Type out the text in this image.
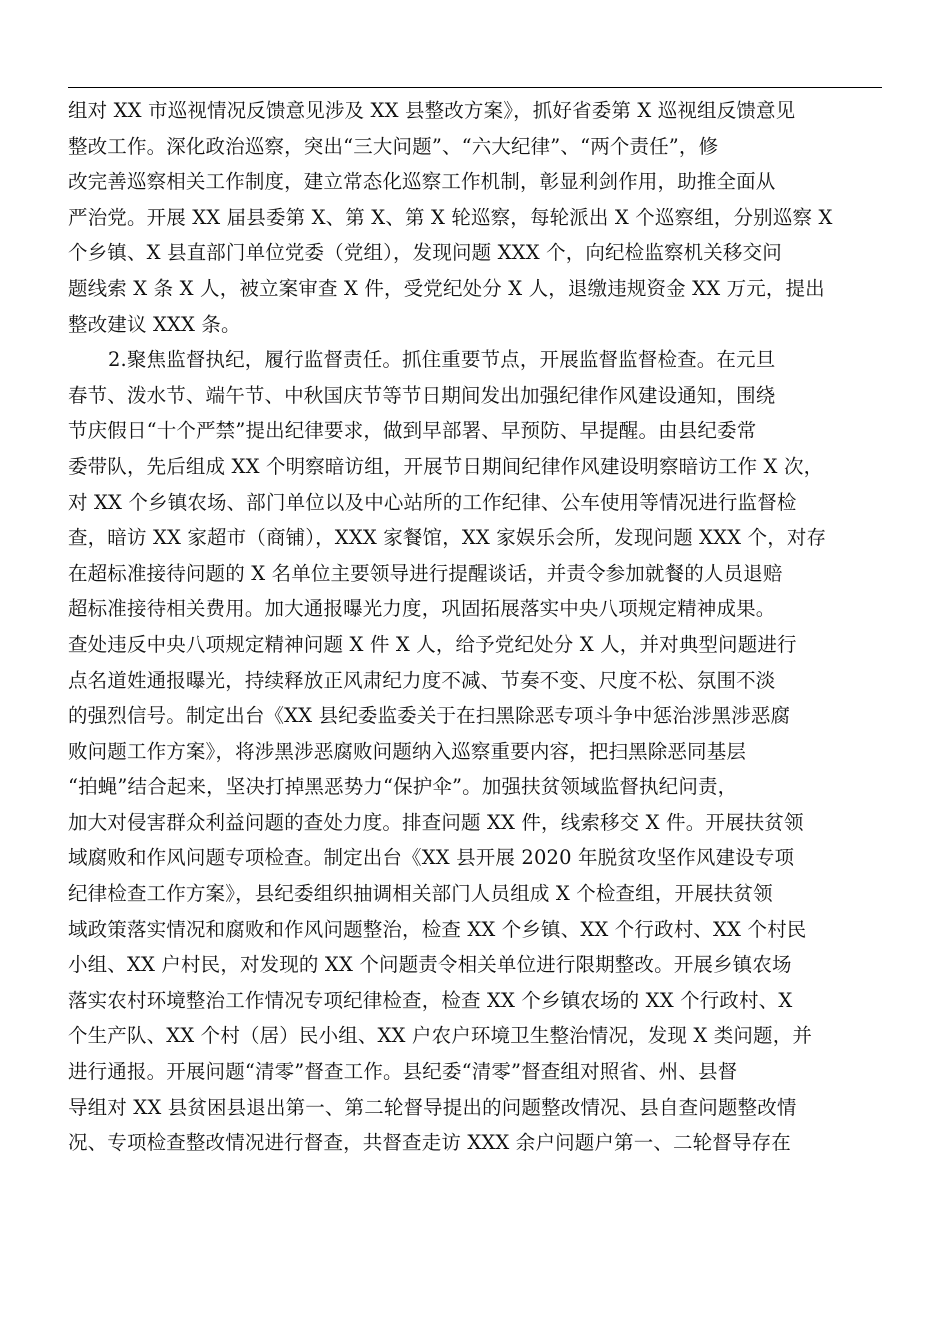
组对 XX 市巡视情况反馈意见涉及 XX 县整改方案》，抓好省委第 X 巡视组反馈意见
整改工作。深化政治巡察，突出“三大问题”、“六大纪律”、“两个责任”，修
改完善巡察相关工作制度，建立常态化巡察工作机制，彰显利剑作用，助推全面从
严治党。开展 XX 届县委第 X、第 X、第 X 轮巡察，每轮派出 X 个巡察组，分别巡察 X
个乡镇、X 县直部门单位党委（党组），发现问题 XXX 个，向纪检监察机关移交问
题线索 X 条 X 人，被立案审查 X 件，受党纪处分 X 人，退缴违规资金 XX 万元，提出
整改建议 XXX 条。
2.聚焦监督执纪，履行监督责任。抓住重要节点，开展监督监督检查。在元旦
春节、泼水节、端午节、中秋国庆节等节日期间发出加强纪律作风建设通知，围绕
节庆假日“十个严禁”提出纪律要求，做到早部署、早预防、早提醒。由县纪委常
委带队，先后组成 XX 个明察暗访组，开展节日期间纪律作风建设明察暗访工作 X 次，
对 XX 个乡镇农场、部门单位以及中心站所的工作纪律、公车使用等情况进行监督检
查，暗访 XX 家超市（商铺），XXX 家餐馆，XX 家娱乐会所，发现问题 XXX 个，对存
在超标准接待问题的 X 名单位主要领导进行提醒谈话，并责令参加就餐的人员退赔
超标准接待相关费用。加大通报曝光力度，巩固拓展落实中央八项规定精神成果。
查处违反中央八项规定精神问题 X 件 X 人，给予党纪处分 X 人，并对典型问题进行
点名道姓通报曝光，持续释放正风肃纪力度不减、节奏不变、尺度不松、氛围不淡
的强烈信号。制定出台《XX 县纪委监委关于在扫黑除恶专项斗争中惩治涉黑涉恶腐
败问题工作方案》，将涉黑涉恶腐败问题纳入巡察重要内容，把扫黑除恶同基层
“拍蝇”结合起来，坚决打掉黑恶势力“保护伞”。加强扶贫领域监督执纪问责，
加大对侵害群众利益问题的查处力度。排查问题 XX 件，线索移交 X 件。开展扶贫领
域腐败和作风问题专项检查。制定出台《XX 县开展 2020 年脱贫攻坚作风建设专项
纪律检查工作方案》，县纪委组织抽调相关部门人员组成 X 个检查组，开展扶贫领
域政策落实情况和腐败和作风问题整治，检查 XX 个乡镇、XX 个行政村、XX 个村民
小组、XX 户村民，对发现的 XX 个问题责令相关单位进行限期整改。开展乡镇农场
落实农村环境整治工作情况专项纪律检查，检查 XX 个乡镇农场的 XX 个行政村、X
个生产队、XX 个村（居）民小组、XX 户农户环境卫生整治情况，发现 X 类问题，并
进行通报。开展问题“清零”督查工作。县纪委“清零”督查组对照省、州、县督
导组对 XX 县贫困县退出第一、第二轮督导提出的问题整改情况、县自查问题整改情
况、专项检查整改情况进行督查，共督查走访 XXX 余户问题户第一、二轮督导存在
